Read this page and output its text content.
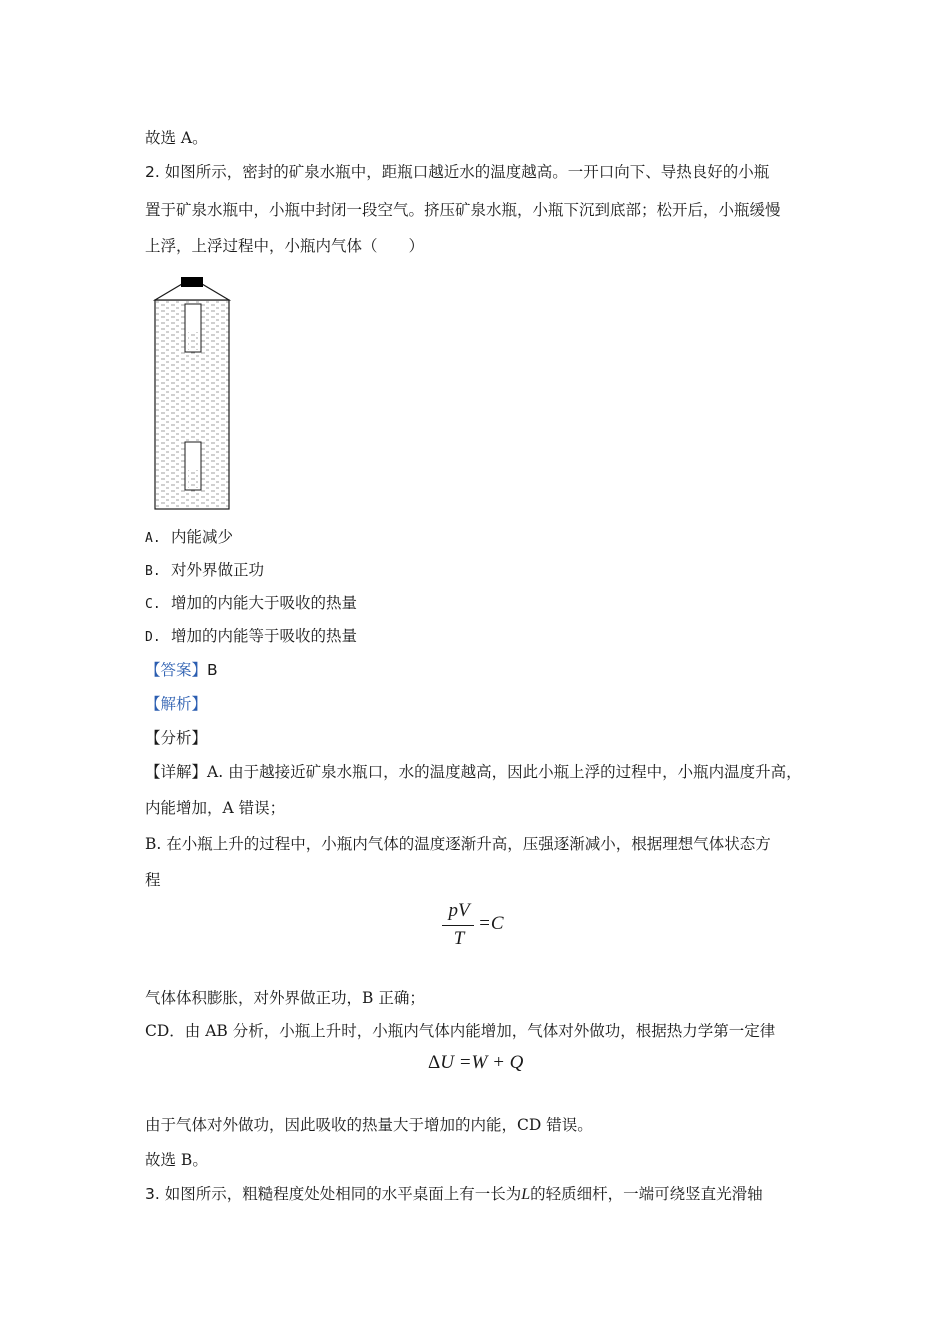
故选 A。
2. 如图所示，密封的矿泉水瓶中，距瓶口越近水的温度越高。一开口向下、导热良好的小瓶
置于矿泉水瓶中，小瓶中封闭一段空气。挤压矿泉水瓶，小瓶下沉到底部；松开后，小瓶缓慢
上浮，上浮过程中，小瓶内气体（　　）
A. 内能减少
B. 对外界做正功
C. 增加的内能大于吸收的热量
D. 增加的内能等于吸收的热量
【答案】B
【解析】
【分析】
【详解】A. 由于越接近矿泉水瓶口，水的温度越高，因此小瓶上浮的过程中，小瓶内温度升高，
内能增加，A 错误；
B. 在小瓶上升的过程中，小瓶内气体的温度逐渐升高，压强逐渐减小，根据理想气体状态方
程
pV
T
=C
气体体积膨胀，对外界做正功，B 正确；
CD．由 AB 分析，小瓶上升时，小瓶内气体内能增加，气体对外做功，根据热力学第一定律
ΔU =W + Q
由于气体对外做功，因此吸收的热量大于增加的内能，CD 错误。
故选 B。
3. 如图所示，粗糙程度处处相同的水平桌面上有一长为L的轻质细杆，一端可绕竖直光滑轴
